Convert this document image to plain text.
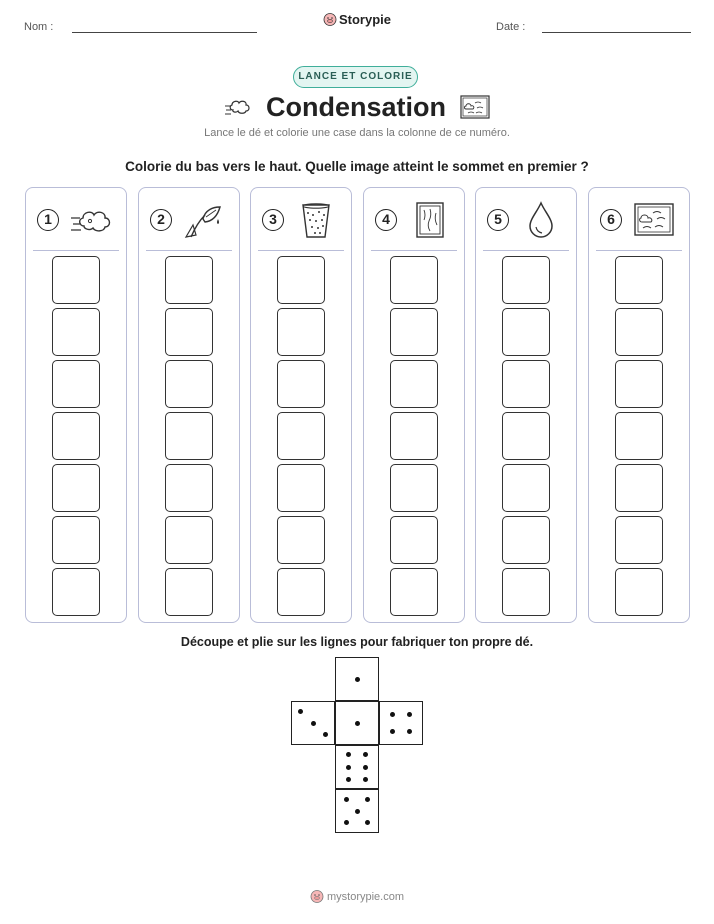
Nom :	Storypie	Date :
LANCE ET COLORIE
Condensation
Lance le dé et colorie une case dans la colonne de ce numéro.
Colorie du bas vers le haut. Quelle image atteint le sommet en premier ?
1	2	3	4	5	6
Découpe et plie sur les lignes pour fabriquer ton propre dé.
mystorypie.com
